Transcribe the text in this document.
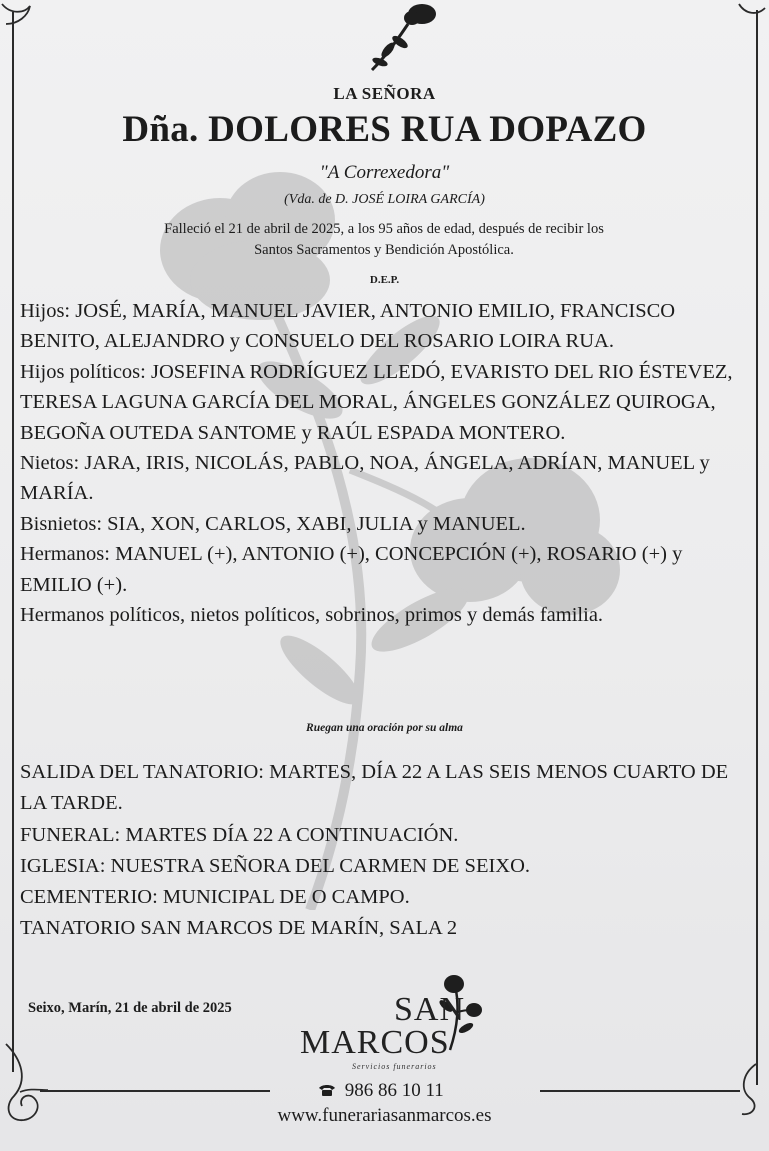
LA SEÑORA
Dña. DOLORES RUA DOPAZO
"A Correxedora"
(Vda. de D. JOSÉ LOIRA GARCÍA)
Falleció el 21 de abril de 2025, a los 95 años de edad, después de recibir los
Santos Sacramentos y Bendición Apostólica.
D.E.P.

Hijos: JOSÉ, MARÍA, MANUEL JAVIER, ANTONIO EMILIO, FRANCISCO BENITO, ALEJANDRO y CONSUELO DEL ROSARIO LOIRA RUA.

Hijos políticos: JOSEFINA RODRÍGUEZ LLEDÓ, EVARISTO DEL RIO ÉSTEVEZ, TERESA LAGUNA GARCÍA DEL MORAL, ÁNGELES GONZÁLEZ QUIROGA, BEGOÑA OUTEDA SANTOME y RAÚL ESPADA MONTERO.

Nietos: JARA, IRIS, NICOLÁS, PABLO, NOA, ÁNGELA, ADRÍAN, MANUEL y MARÍA.

Bisnietos: SIA, XON, CARLOS, XABI, JULIA y MANUEL.

Hermanos: MANUEL (+), ANTONIO (+), CONCEPCIÓN (+), ROSARIO (+) y EMILIO (+).

Hermanos políticos, nietos políticos, sobrinos, primos y demás familia.

Ruegan una oración por su alma

SALIDA DEL TANATORIO: MARTES, DÍA 22 A LAS SEIS MENOS CUARTO DE LA TARDE.

FUNERAL: MARTES DÍA 22 A CONTINUACIÓN.

IGLESIA: NUESTRA SEÑORA DEL CARMEN DE SEIXO.

CEMENTERIO: MUNICIPAL DE O CAMPO.

TANATORIO SAN MARCOS DE MARÍN, SALA 2

Seixo, Marín, 21 de abril de 2025	SAN
MARCOS
Servicios funerarios
986 86 10 11
www.funerariasanmarcos.es
